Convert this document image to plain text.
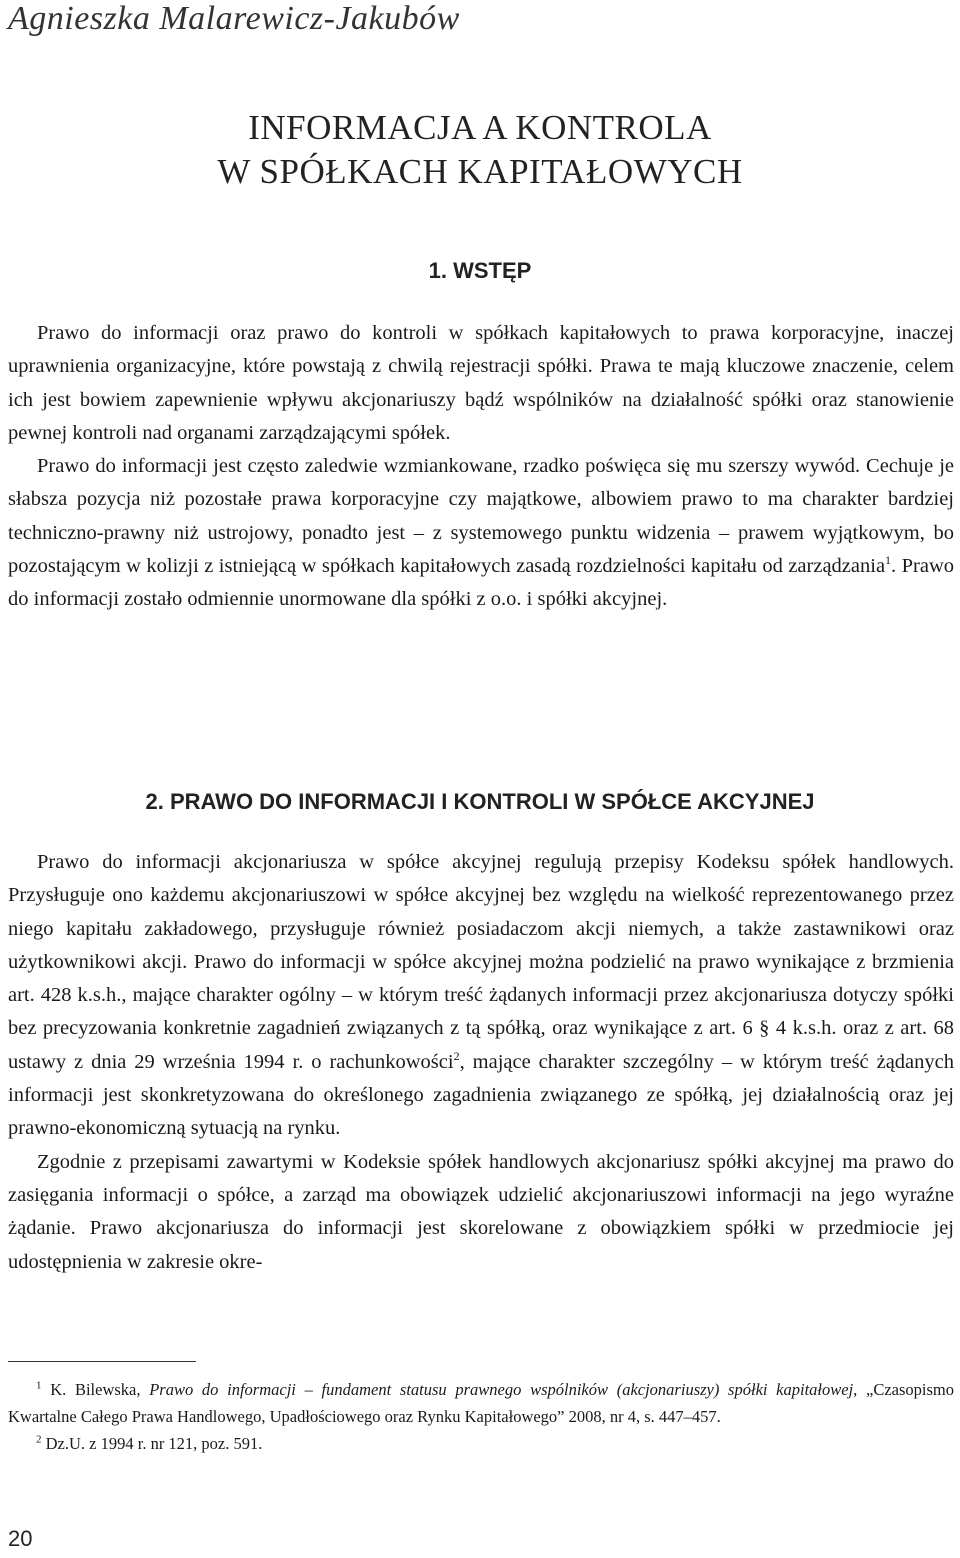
Agnieszka Malarewicz-Jakubów
INFORMACJA A KONTROLA
W SPÓŁKACH KAPITAŁOWYCH
1. WSTĘP

Prawo do informacji oraz prawo do kontroli w spółkach kapitałowych to prawa korporacyjne, inaczej uprawnienia organizacyjne, które powstają z chwilą rejestracji spółki. Prawa te mają kluczowe znaczenie, celem ich jest bowiem zapewnienie wpływu akcjonariuszy bądź wspólników na działalność spółki oraz stanowienie pewnej kontroli nad organami zarządzającymi spółek.

Prawo do informacji jest często zaledwie wzmiankowane, rzadko poświęca się mu szerszy wywód. Cechuje je słabsza pozycja niż pozostałe prawa korporacyjne czy majątkowe, albowiem prawo to ma charakter bardziej techniczno-prawny niż ustrojowy, ponadto jest – z systemowego punktu widzenia – prawem wyjątkowym, bo pozostającym w kolizji z istniejącą w spółkach kapitałowych zasadą rozdzielności kapitału od zarządzania$^1$. Prawo do informacji zostało odmiennie unormowane dla spółki z o.o. i spółki akcyjnej.

2. PRAWO DO INFORMACJI I KONTROLI W SPÓŁCE AKCYJNEJ

Prawo do informacji akcjonariusza w spółce akcyjnej regulują przepisy Kodeksu spółek handlowych. Przysługuje ono każdemu akcjonariuszowi w spółce akcyjnej bez względu na wielkość reprezentowanego przez niego kapitału zakładowego, przysługuje również posiadaczom akcji niemych, a także zastawnikowi oraz użytkownikowi akcji. Prawo do informacji w spółce akcyjnej można podzielić na prawo wynikające z brzmienia art. 428 k.s.h., mające charakter ogólny – w którym treść żądanych informacji przez akcjonariusza dotyczy spółki bez precyzowania konkretnie zagadnień związanych z tą spółką, oraz wynikające z art. 6 § 4 k.s.h. oraz z art. 68 ustawy z dnia 29 września 1994 r. o rachunkowości$^2$, mające charakter szczególny – w którym treść żądanych informacji jest skonkretyzowana do określonego zagadnienia związanego ze spółką, jej działalnością oraz jej prawno-ekonomiczną sytuacją na rynku.

Zgodnie z przepisami zawartymi w Kodeksie spółek handlowych akcjonariusz spółki akcyjnej ma prawo do zasięgania informacji o spółce, a zarząd ma obowiązek udzielić akcjonariuszowi informacji na jego wyraźne żądanie. Prawo akcjonariusza do informacji jest skorelowane z obowiązkiem spółki w przedmiocie jej udostępnienia w zakresie okre-

$^1$ K. Bilewska, Prawo do informacji – fundament statusu prawnego wspólników (akcjonariuszy) spółki kapitałowej, „Czasopismo Kwartalne Całego Prawa Handlowego, Upadłościowego oraz Rynku Kapitałowego” 2008, nr 4, s. 447–457.

$^2$ Dz.U. z 1994 r. nr 121, poz. 591.

20
